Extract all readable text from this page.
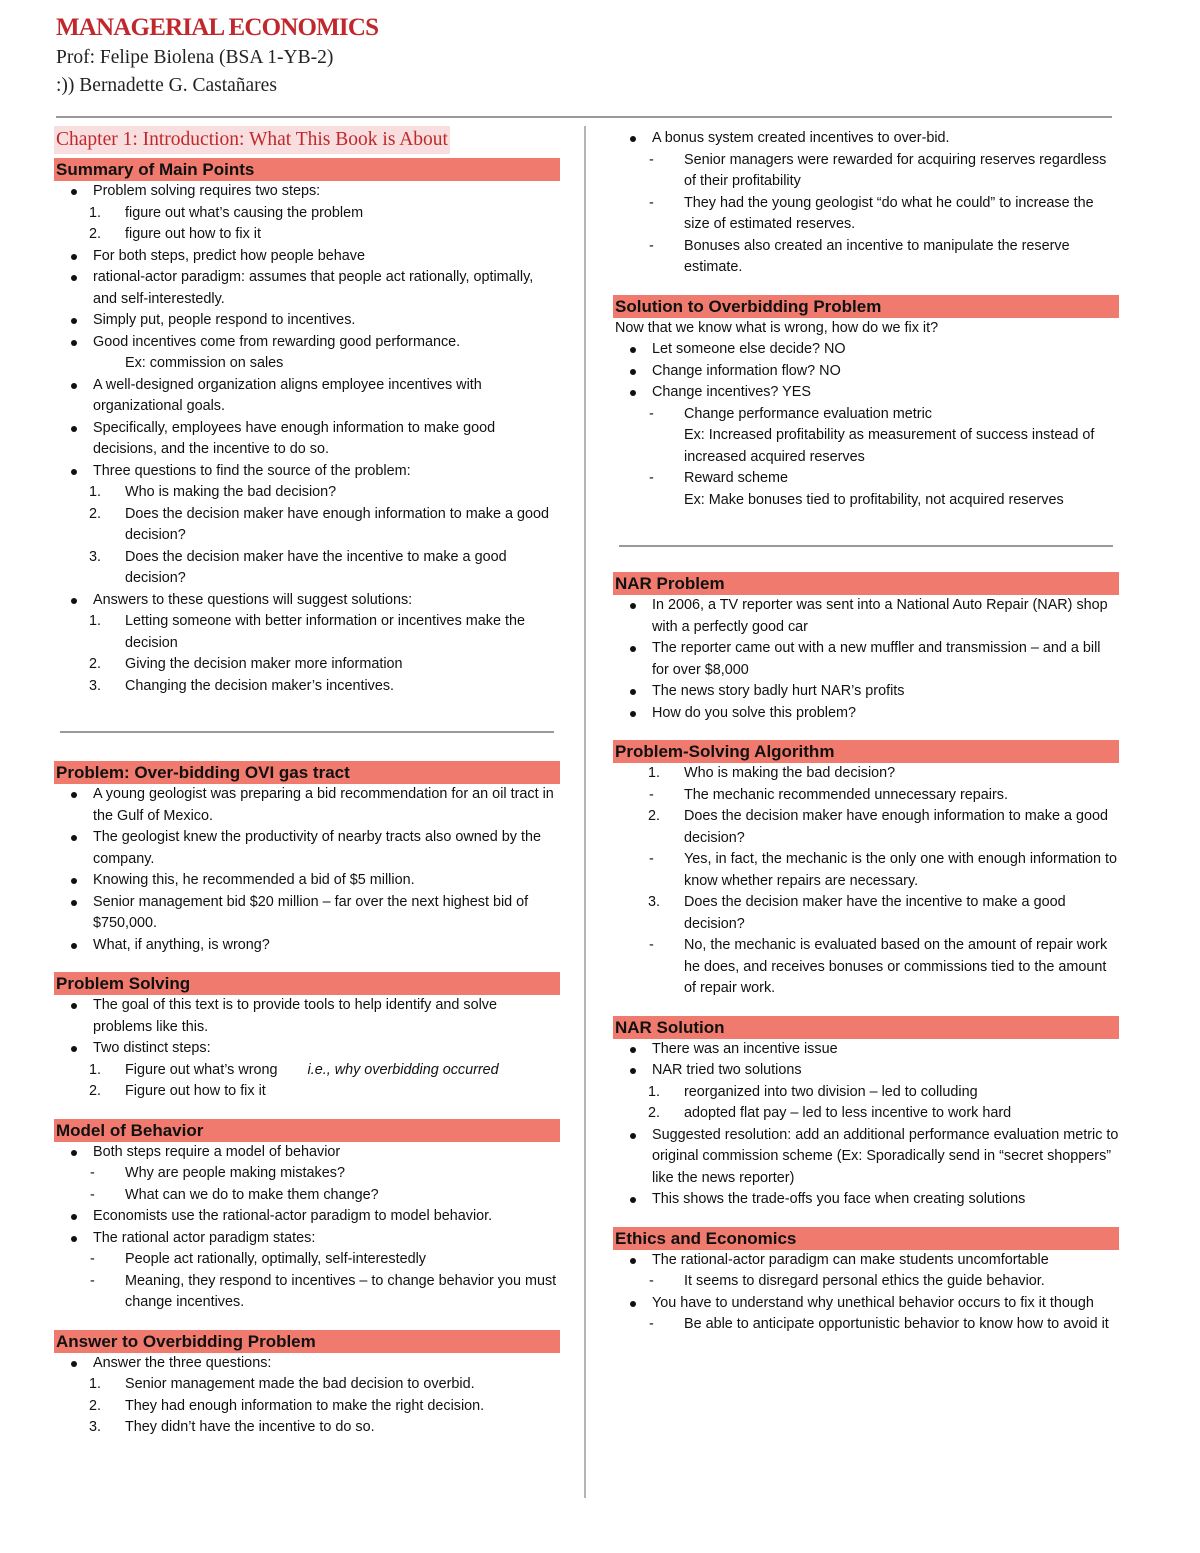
MANAGERIAL ECONOMICS
Prof: Felipe Biolena (BSA 1-YB-2)
:)) Bernadette G. Castañares
Chapter 1: Introduction: What This Book is About
Summary of Main Points
Problem solving requires two steps:
1. figure out what’s causing the problem
2. figure out how to fix it
For both steps, predict how people behave
rational-actor paradigm: assumes that people act rationally, optimally, and self-interestedly.
Simply put, people respond to incentives.
Good incentives come from rewarding good performance.
Ex: commission on sales
A well-designed organization aligns employee incentives with organizational goals.
Specifically, employees have enough information to make good decisions, and the incentive to do so.
Three questions to find the source of the problem:
1. Who is making the bad decision?
2. Does the decision maker have enough information to make a good decision?
3. Does the decision maker have the incentive to make a good decision?
Answers to these questions will suggest solutions:
1. Letting someone with better information or incentives make the decision
2. Giving the decision maker more information
3. Changing the decision maker’s incentives.
Problem: Over-bidding OVI gas tract
A young geologist was preparing a bid recommendation for an oil tract in the Gulf of Mexico.
The geologist knew the productivity of nearby tracts also owned by the company.
Knowing this, he recommended a bid of $5 million.
Senior management bid $20 million – far over the next highest bid of $750,000.
What, if anything, is wrong?
Problem Solving
The goal of this text is to provide tools to help identify and solve problems like this.
Two distinct steps:
1. Figure out what’s wrong i.e., why overbidding occurred
2. Figure out how to fix it
Model of Behavior
Both steps require a model of behavior
- Why are people making mistakes?
- What can we do to make them change?
Economists use the rational-actor paradigm to model behavior.
The rational actor paradigm states:
- People act rationally, optimally, self-interestedly
- Meaning, they respond to incentives – to change behavior you must change incentives.
Answer to Overbidding Problem
Answer the three questions:
1. Senior management made the bad decision to overbid.
2. They had enough information to make the right decision.
3. They didn’t have the incentive to do so.
A bonus system created incentives to over-bid.
- Senior managers were rewarded for acquiring reserves regardless of their profitability
- They had the young geologist “do what he could” to increase the size of estimated reserves.
- Bonuses also created an incentive to manipulate the reserve estimate.
Solution to Overbidding Problem
Now that we know what is wrong, how do we fix it?
Let someone else decide? NO
Change information flow? NO
Change incentives? YES
- Change performance evaluation metric
Ex: Increased profitability as measurement of success instead of increased acquired reserves
- Reward scheme
Ex: Make bonuses tied to profitability, not acquired reserves
NAR Problem
In 2006, a TV reporter was sent into a National Auto Repair (NAR) shop with a perfectly good car
The reporter came out with a new muffler and transmission – and a bill for over $8,000
The news story badly hurt NAR’s profits
How do you solve this problem?
Problem-Solving Algorithm
1. Who is making the bad decision?
- The mechanic recommended unnecessary repairs.
2. Does the decision maker have enough information to make a good decision?
- Yes, in fact, the mechanic is the only one with enough information to know whether repairs are necessary.
3. Does the decision maker have the incentive to make a good decision?
- No, the mechanic is evaluated based on the amount of repair work he does, and receives bonuses or commissions tied to the amount of repair work.
NAR Solution
There was an incentive issue
NAR tried two solutions
1. reorganized into two division – led to colluding
2. adopted flat pay – led to less incentive to work hard
Suggested resolution: add an additional performance evaluation metric to original commission scheme (Ex: Sporadically send in “secret shoppers” like the news reporter)
This shows the trade-offs you face when creating solutions
Ethics and Economics
The rational-actor paradigm can make students uncomfortable
- It seems to disregard personal ethics the guide behavior.
You have to understand why unethical behavior occurs to fix it though
- Be able to anticipate opportunistic behavior to know how to avoid it
